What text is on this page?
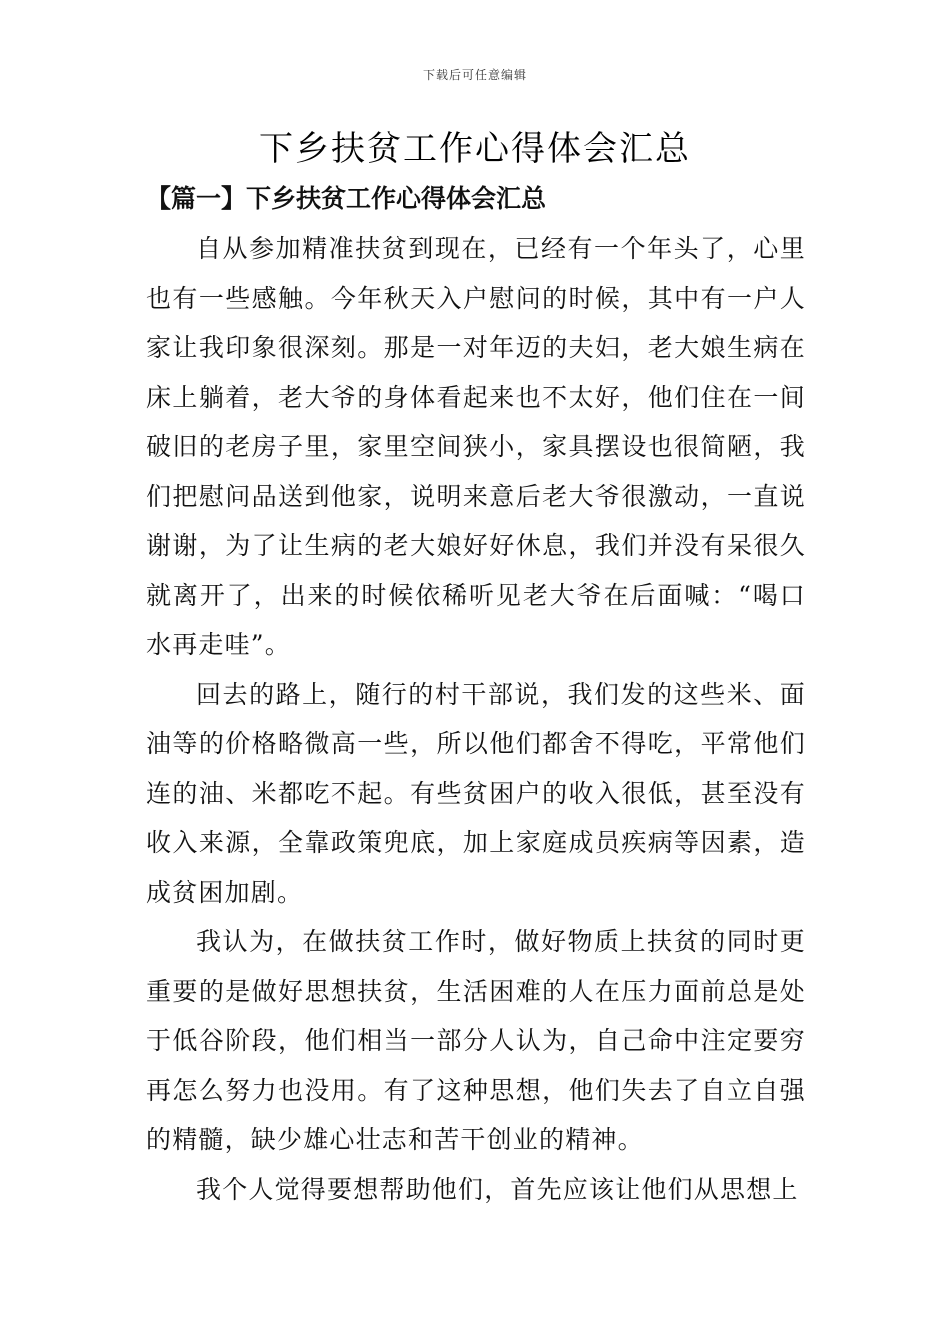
下载后可任意编辑
下乡扶贫工作心得体会汇总
【篇一】下乡扶贫工作心得体会汇总

自从参加精准扶贫到现在，已经有一个年头了，心里也有一些感触。今年秋天入户慰问的时候，其中有一户人家让我印象很深刻。那是一对年迈的夫妇，老大娘生病在床上躺着，老大爷的身体看起来也不太好，他们住在一间破旧的老房子里，家里空间狭小，家具摆设也很简陋，我们把慰问品送到他家，说明来意后老大爷很激动，一直说谢谢，为了让生病的老大娘好好休息，我们并没有呆很久就离开了，出来的时候依稀听见老大爷在后面喊：“喝口水再走哇”。

回去的路上，随行的村干部说，我们发的这些米、面油等的价格略微高一些，所以他们都舍不得吃，平常他们连的油、米都吃不起。有些贫困户的收入很低，甚至没有收入来源，全靠政策兜底，加上家庭成员疾病等因素，造成贫困加剧。

我认为，在做扶贫工作时，做好物质上扶贫的同时更重要的是做好思想扶贫，生活困难的人在压力面前总是处于低谷阶段，他们相当一部分人认为，自己命中注定要穷再怎么努力也没用。有了这种思想，他们失去了自立自强的精髓，缺少雄心壮志和苦干创业的精神。

我个人觉得要想帮助他们，首先应该让他们从思想上
